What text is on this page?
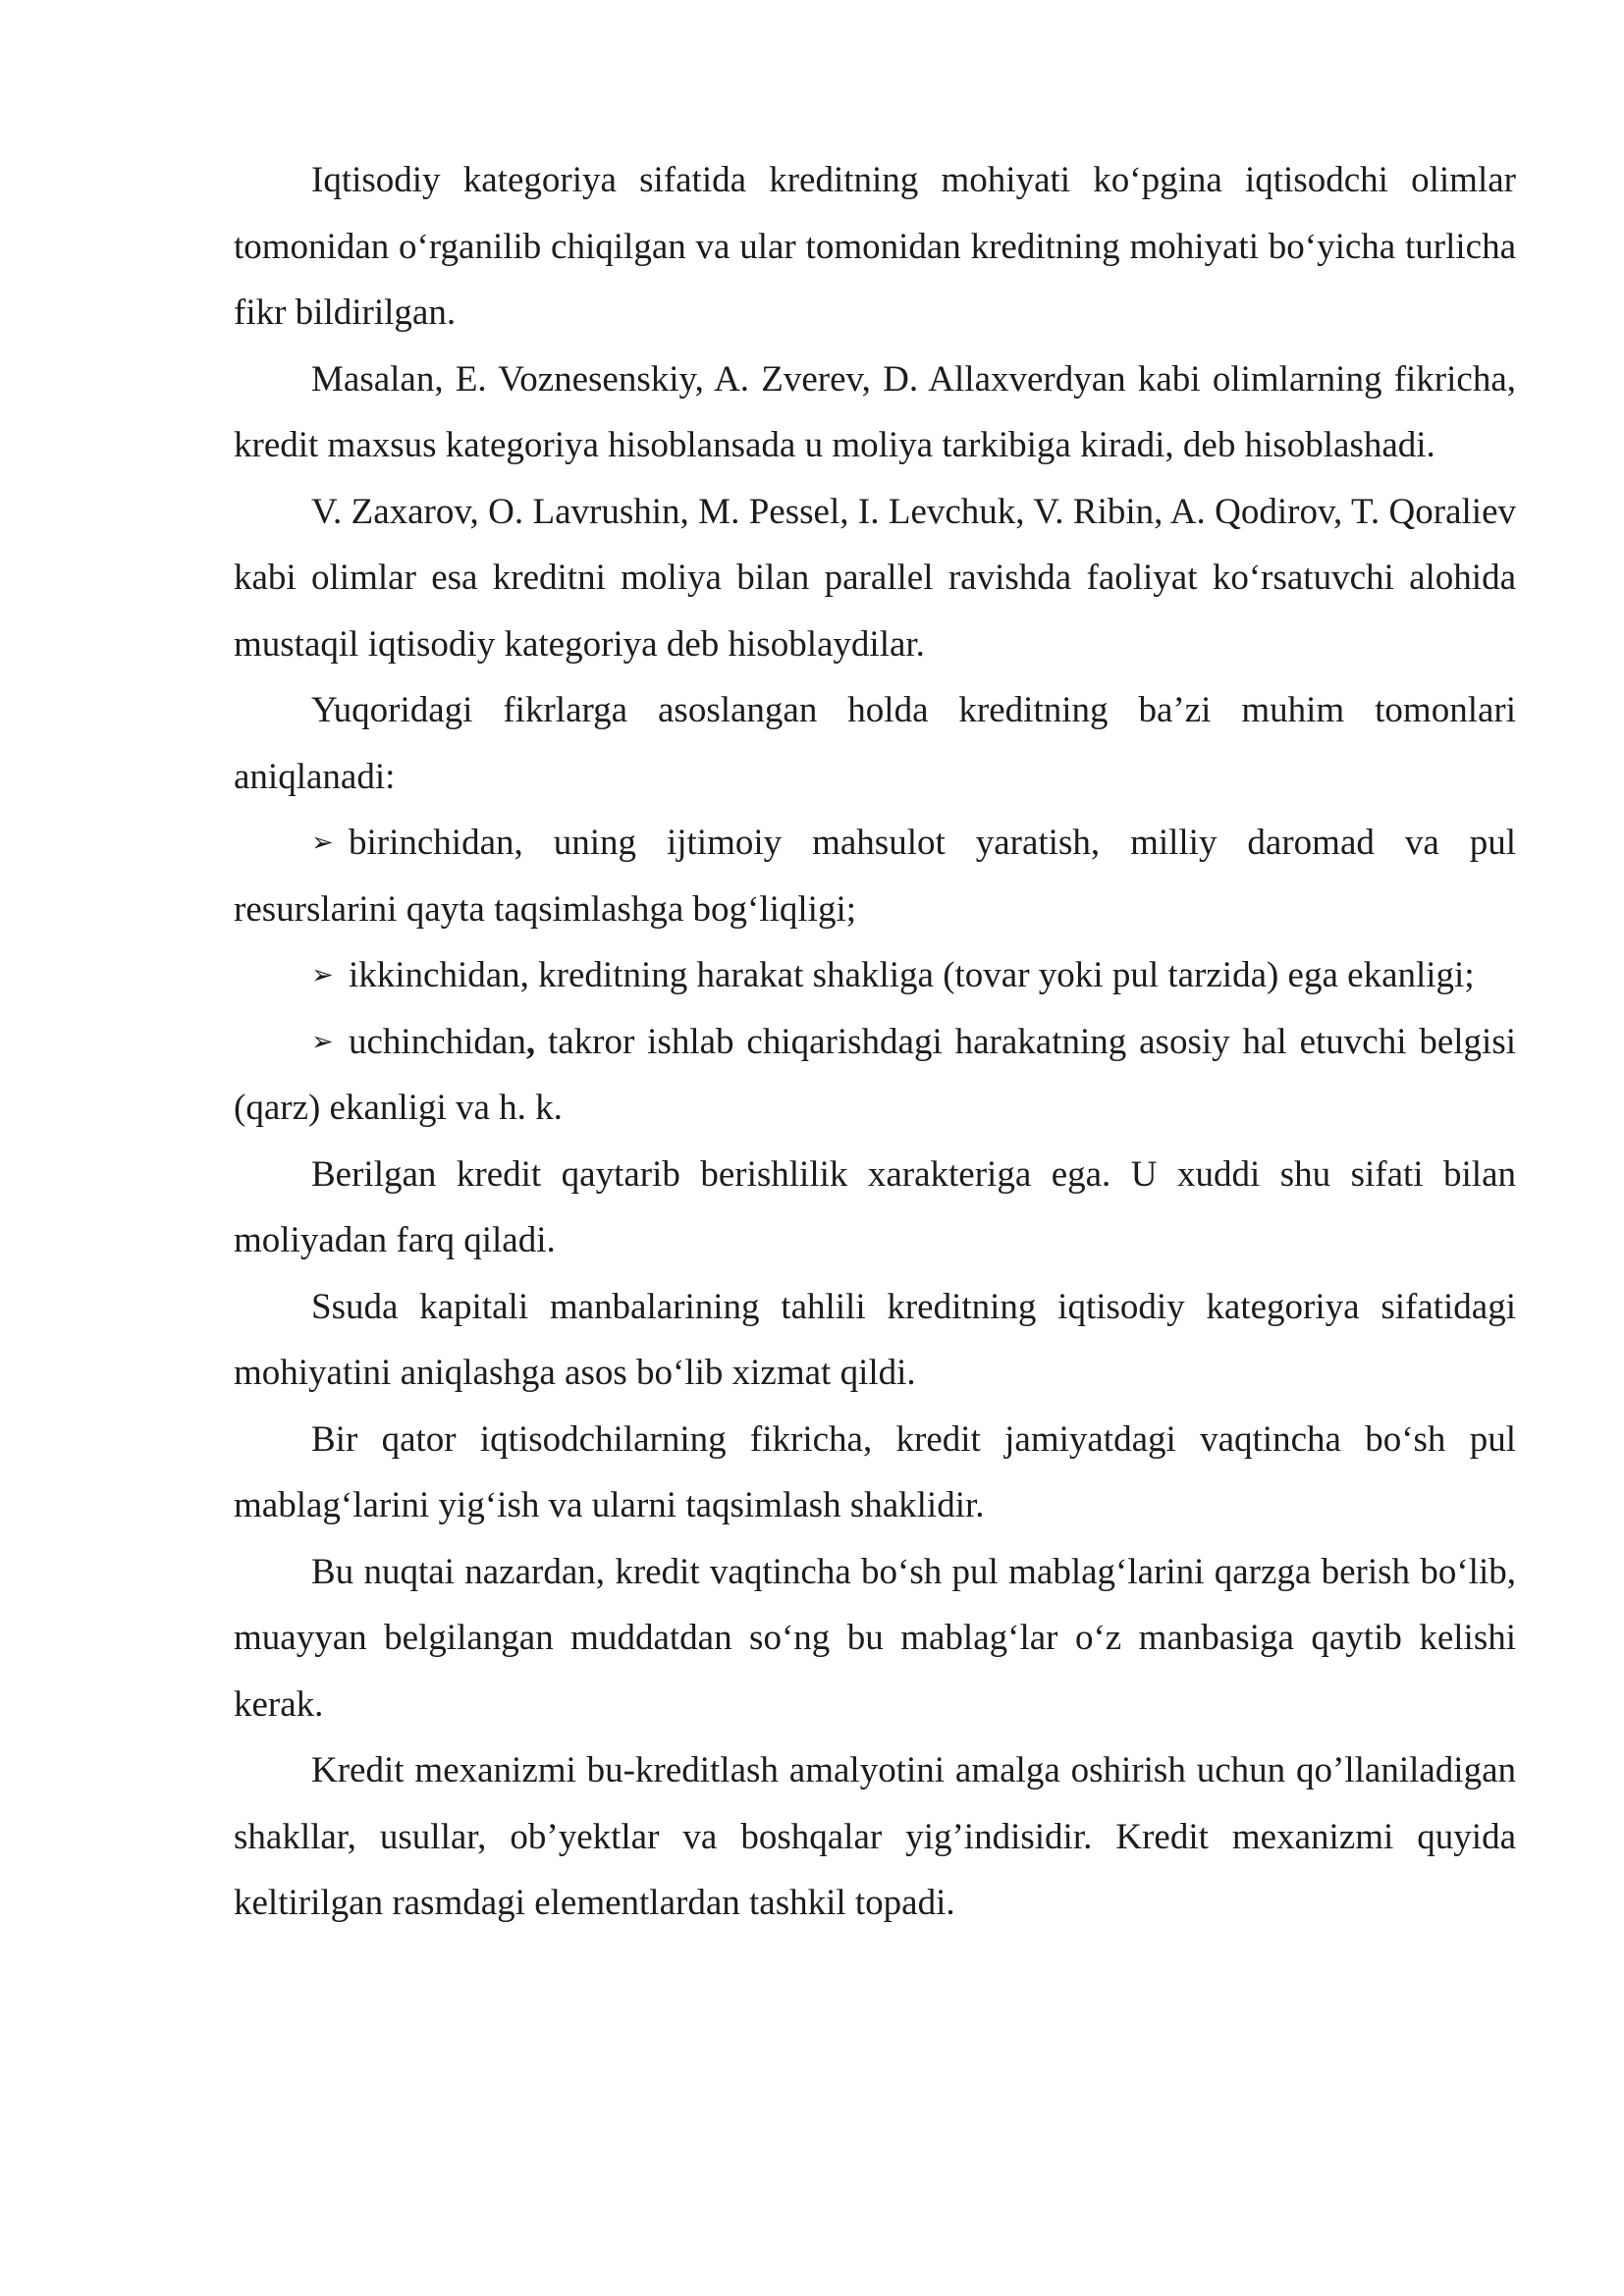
Iqtisodiy kategoriya sifatida kreditning mohiyati ko‘pgina iqtisodchi olimlar tomonidan o‘rganilib chiqilgan va ular tomonidan kreditning mohiyati bo‘yicha turlicha fikr bildirilgan.

Masalan, E. Voznesenskiy, A. Zverev, D. Allaxverdyan kabi olimlarning fikricha, kredit maxsus kategoriya hisoblansada u moliya tarkibiga kiradi, deb hisoblashadi.

V. Zaxarov, O. Lavrushin, M. Pessel, I. Levchuk, V. Ribin, A. Qodirov, T. Qoraliev kabi olimlar esa kreditni moliya bilan parallel ravishda faoliyat ko‘rsatuvchi alohida mustaqil iqtisodiy kategoriya deb hisoblaydilar.

Yuqoridagi fikrlarga asoslangan holda kreditning ba’zi muhim tomonlari aniqlanadi:

➢ birinchidan, uning ijtimoiy mahsulot yaratish, milliy daromad va pul resurslarini qayta taqsimlashga bog‘liqligi;

➢ ikkinchidan, kreditning harakat shakliga (tovar yoki pul tarzida) ega ekanligi;

➢ uchinchidan, takror ishlab chiqarishdagi harakatning asosiy hal etuvchi belgisi (qarz) ekanligi va h. k.

Berilgan kredit qaytarib berishlilik xarakteriga ega. U xuddi shu sifati bilan moliyadan farq qiladi.

Ssuda kapitali manbalarining tahlili kreditning iqtisodiy kategoriya sifatidagi mohiyatini aniqlashga asos bo‘lib xizmat qildi.

Bir qator iqtisodchilarning fikricha, kredit jamiyatdagi vaqtincha bo‘sh pul mablag‘larini yig‘ish va ularni taqsimlash shaklidir.

Bu nuqtai nazardan, kredit vaqtincha bo‘sh pul mablag‘larini qarzga berish bo‘lib, muayyan belgilangan muddatdan so‘ng bu mablag‘lar o‘z manbasiga qaytib kelishi kerak.

Kredit mexanizmi bu-kreditlash amalyotini amalga oshirish uchun qo’llaniladigan shakllar, usullar, ob’yektlar va boshqalar yig’indisidir. Kredit mexanizmi quyida keltirilgan rasmdagi elementlardan tashkil topadi.
